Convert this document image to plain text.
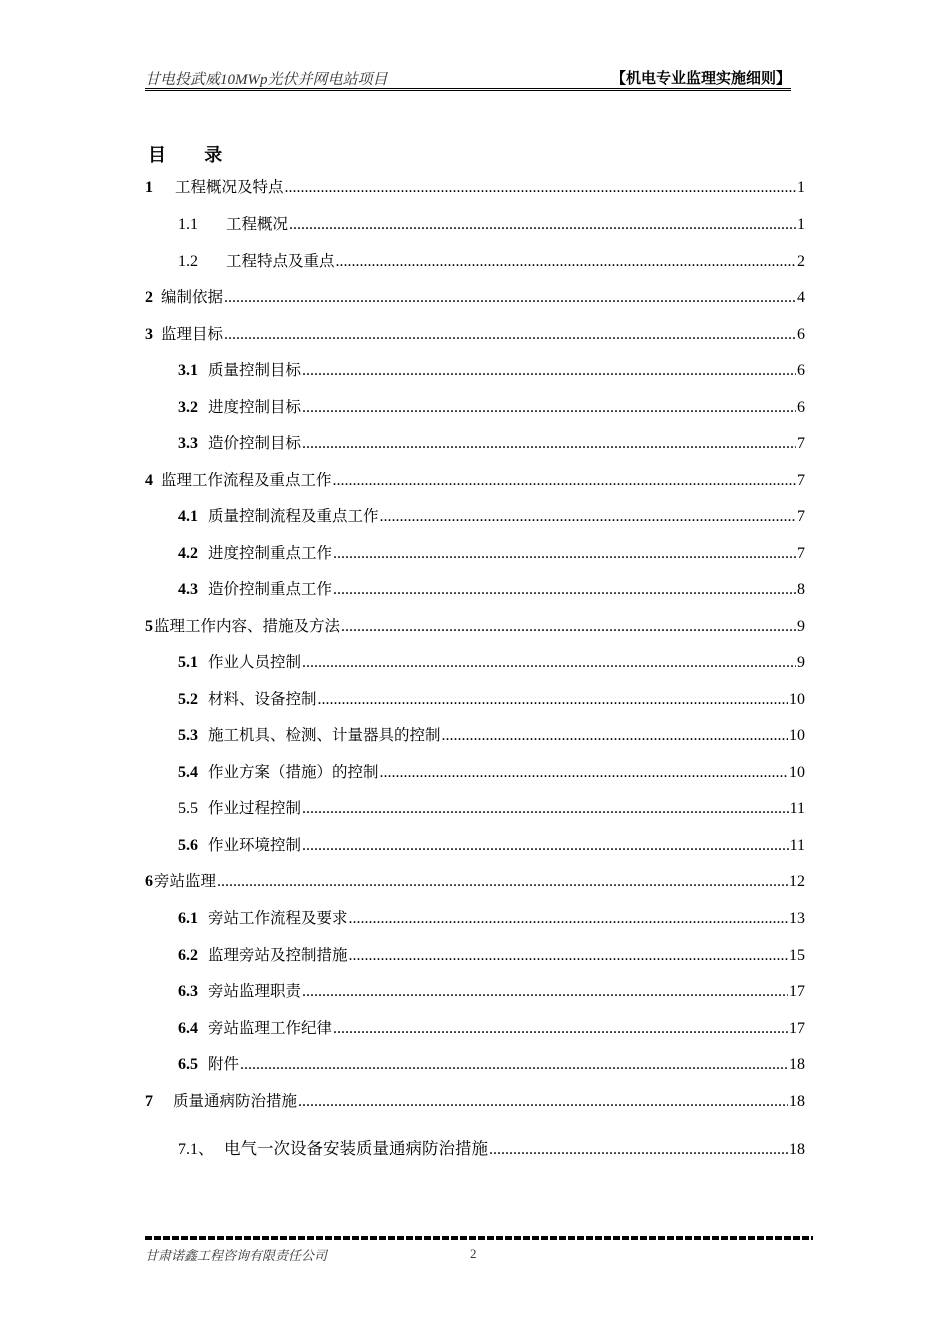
甘电投武威10MWp光伏并网电站项目	【机电专业监理实施细则】
目 录
1 工程概况及特点 .....	1
1.1 工程概况 .....	1
1.2 工程特点及重点 .....	2
2 编制依据 .....	4
3 监理目标 .....	6
3.1 质量控制目标 .....	6
3.2 进度控制目标 .....	6
3.3 造价控制目标 .....	7
4 监理工作流程及重点工作 .....	7
4.1 质量控制流程及重点工作 .....	7
4.2 进度控制重点工作 .....	7
4.3 造价控制重点工作 .....	8
5 监理工作内容、措施及方法 .....	9
5.1 作业人员控制 .....	9
5.2 材料、设备控制 .....	10
5.3 施工机具、检测、计量器具的控制 .....	10
5.4 作业方案（措施）的控制 .....	10
5.5 作业过程控制 .....	11
5.6 作业环境控制 .....	11
6 旁站监理 .....	12
6.1 旁站工作流程及要求 .....	13
6.2 监理旁站及控制措施 .....	15
6.3 旁站监理职责 .....	17
6.4 旁站监理工作纪律 .....	17
6.5 附件 .....	18
7 质量通病防治措施 .....	18
7.1、 电气一次设备安装质量通病防治措施 .....	18
甘肃诺鑫工程咨询有限责任公司	2
